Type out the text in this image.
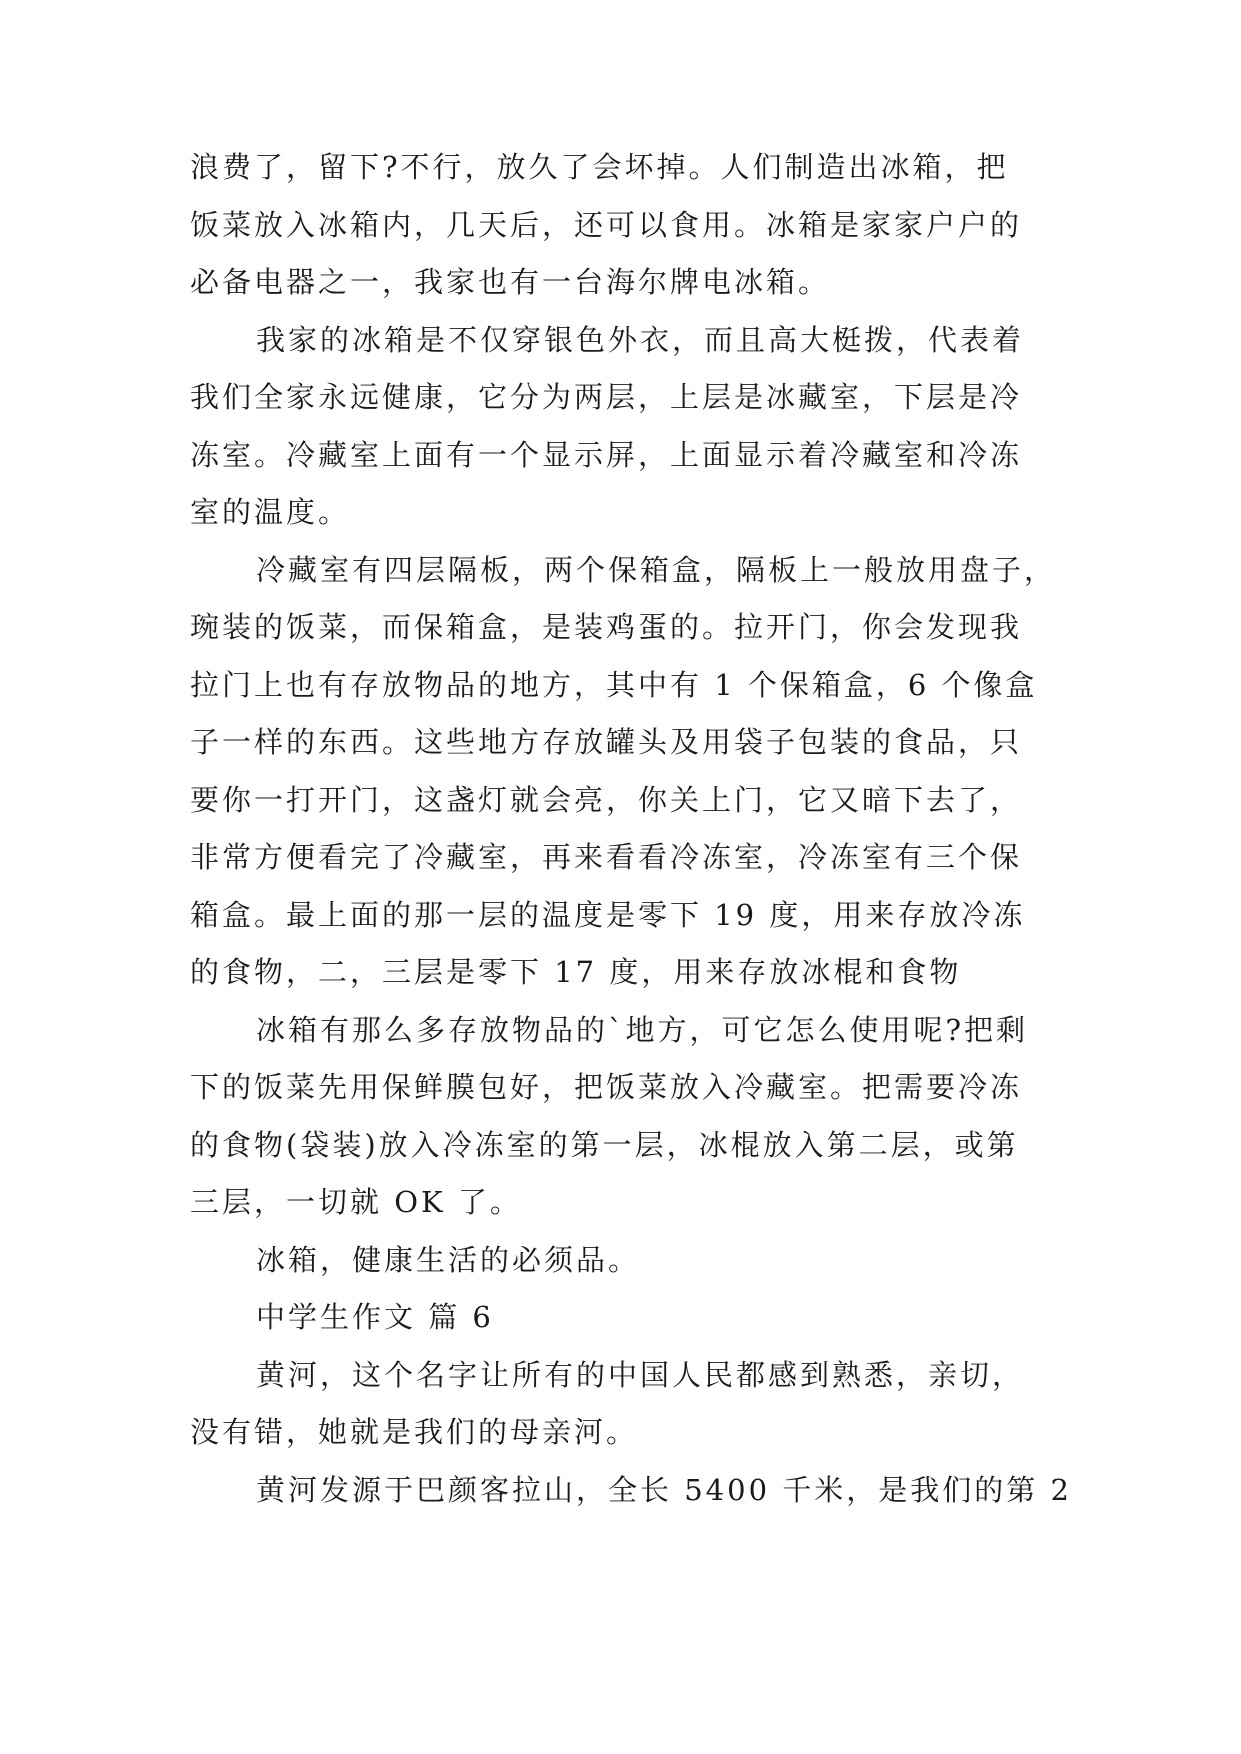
浪费了，留下?不行，放久了会坏掉。人们制造出冰箱，把
饭菜放入冰箱内，几天后，还可以食用。冰箱是家家户户的
必备电器之一，我家也有一台海尔牌电冰箱。
我家的冰箱是不仅穿银色外衣，而且高大梃拨，代表着
我们全家永远健康，它分为两层，上层是冰藏室，下层是冷
冻室。冷藏室上面有一个显示屏，上面显示着冷藏室和冷冻
室的温度。
冷藏室有四层隔板，两个保箱盒，隔板上一般放用盘子，
琬装的饭菜，而保箱盒，是装鸡蛋的。拉开门，你会发现我
拉门上也有存放物品的地方，其中有 1 个保箱盒，6 个像盒
子一样的东西。这些地方存放罐头及用袋子包装的食品，只
要你一打开门，这盏灯就会亮，你关上门，它又暗下去了，
非常方便看完了冷藏室，再来看看冷冻室，冷冻室有三个保
箱盒。最上面的那一层的温度是零下 19 度，用来存放冷冻
的食物，二，三层是零下 17 度，用来存放冰棍和食物
冰箱有那么多存放物品的`地方，可它怎么使用呢?把剩
下的饭菜先用保鲜膜包好，把饭菜放入冷藏室。把需要冷冻
的食物(袋装)放入冷冻室的第一层，冰棍放入第二层，或第
三层，一切就 OK 了。
冰箱，健康生活的必须品。
中学生作文 篇 6
黄河，这个名字让所有的中国人民都感到熟悉，亲切，
没有错，她就是我们的母亲河。
黄河发源于巴颜客拉山，全长 5400 千米，是我们的第 2
